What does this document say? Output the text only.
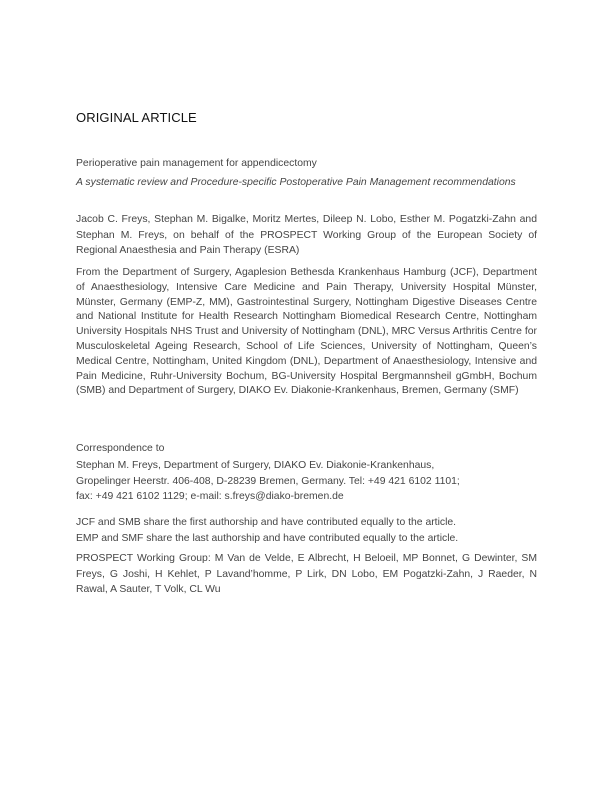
ORIGINAL ARTICLE
Perioperative pain management for appendicectomy
A systematic review and Procedure-specific Postoperative Pain Management recommendations
Jacob C. Freys, Stephan M. Bigalke, Moritz Mertes, Dileep N. Lobo, Esther M. Pogatzki-Zahn and Stephan M. Freys, on behalf of the PROSPECT Working Group of the European Society of Regional Anaesthesia and Pain Therapy (ESRA)
From the Department of Surgery, Agaplesion Bethesda Krankenhaus Hamburg (JCF), Department of Anaesthesiology, Intensive Care Medicine and Pain Therapy, University Hospital Münster, Münster, Germany (EMP-Z, MM), Gastrointestinal Surgery, Nottingham Digestive Diseases Centre and National Institute for Health Research Nottingham Biomedical Research Centre, Nottingham University Hospitals NHS Trust and University of Nottingham (DNL), MRC Versus Arthritis Centre for Musculoskeletal Ageing Research, School of Life Sciences, University of Nottingham, Queen’s Medical Centre, Nottingham, United Kingdom (DNL), Department of Anaesthesiology, Intensive and Pain Medicine, Ruhr-University Bochum, BG-University Hospital Bergmannsheil gGmbH, Bochum (SMB) and Department of Surgery, DIAKO Ev. Diakonie-Krankenhaus, Bremen, Germany (SMF)
Correspondence to
Stephan M. Freys, Department of Surgery, DIAKO Ev. Diakonie-Krankenhaus,
Gropelinger Heerstr. 406-408, D-28239 Bremen, Germany. Tel: +49 421 6102 1101;
fax: +49 421 6102 1129; e-mail: s.freys@diako-bremen.de
JCF and SMB share the first authorship and have contributed equally to the article.
EMP and SMF share the last authorship and have contributed equally to the article.
PROSPECT Working Group: M Van de Velde, E Albrecht, H Beloeil, MP Bonnet, G Dewinter, SM Freys, G Joshi, H Kehlet, P Lavand’homme, P Lirk, DN Lobo, EM Pogatzki-Zahn, J Raeder, N Rawal, A Sauter, T Volk, CL Wu
